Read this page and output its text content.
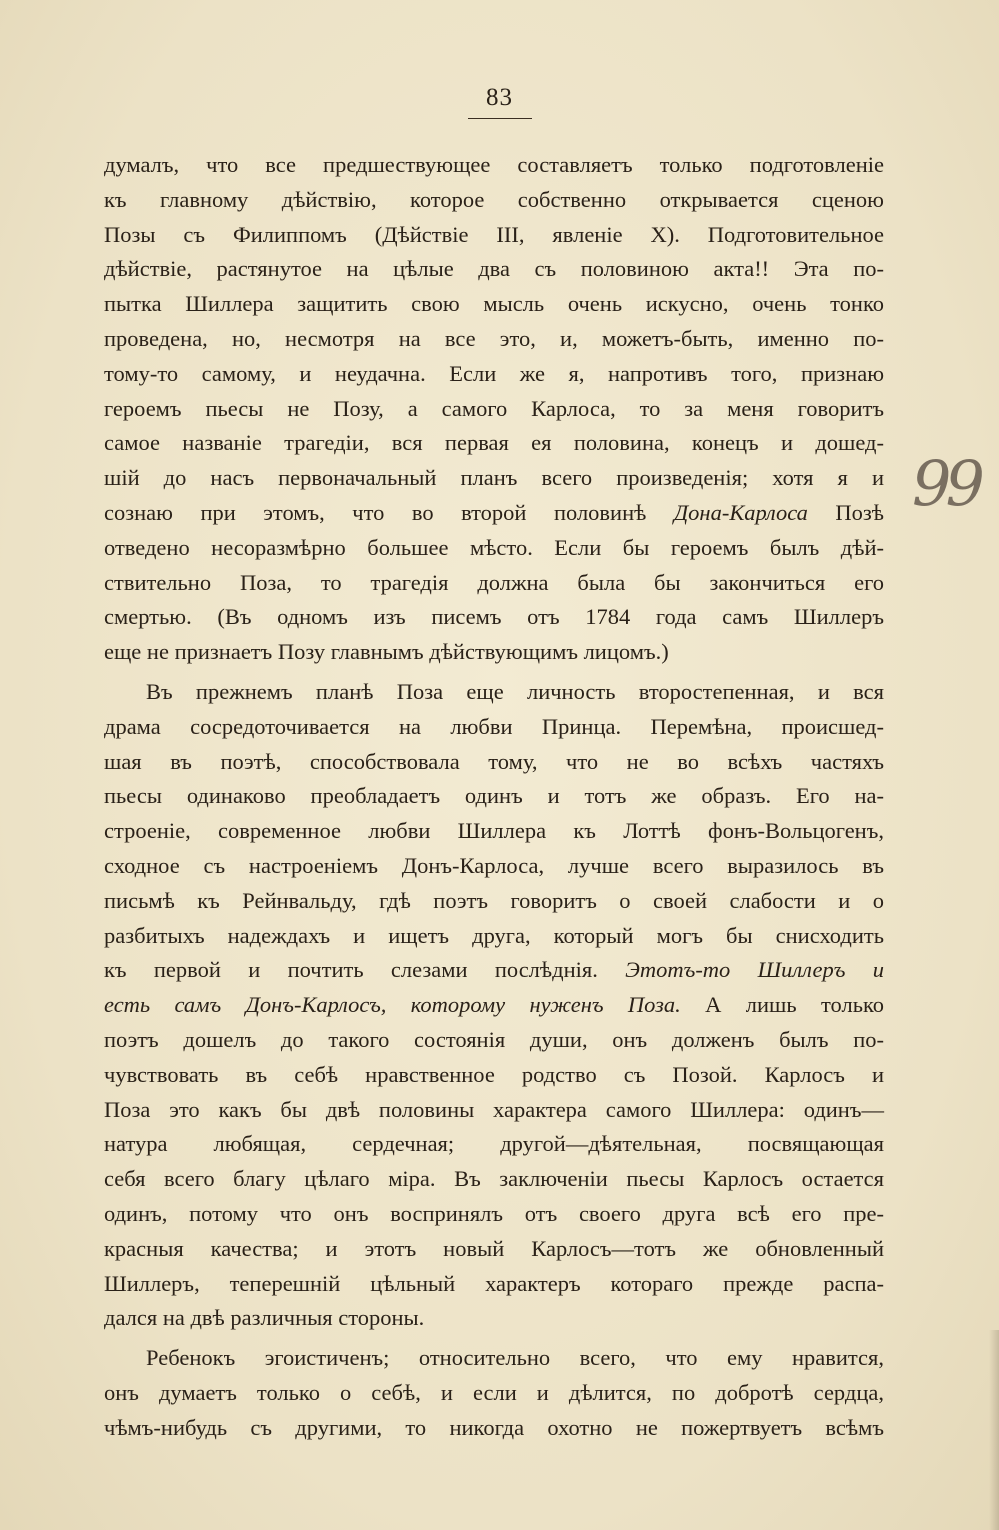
83
99
думалъ, что все предшествующее составляетъ только подготовленіе
къ главному дѣйствію, которое собственно открывается сценою
Позы съ Филиппомъ (Дѣйствіе III, явленіе X). Подготовительное
дѣйствіе, растянутое на цѣлые два съ половиною акта!! Эта по-
пытка Шиллера защитить свою мысль очень искусно, очень тонко
проведена, но, несмотря на все это, и, можетъ-быть, именно по-
тому-то самому, и неудачна. Если же я, напротивъ того, признаю
героемъ пьесы не Позу, а самого Карлоса, то за меня говоритъ
самое названіе трагедіи, вся первая ея половина, конецъ и дошед-
шій до насъ первоначальный планъ всего произведенія; хотя я и
сознаю при этомъ, что во второй половинѣ Дона-Карлоса Позѣ
отведено несоразмѣрно большее мѣсто. Если бы героемъ былъ дѣй-
ствительно Поза, то трагедія должна была бы закончиться его
смертью. (Въ одномъ изъ писемъ отъ 1784 года самъ Шиллеръ
еще не признаетъ Позу главнымъ дѣйствующимъ лицомъ.)
Въ прежнемъ планѣ Поза еще личность второстепенная, и вся
драма сосредоточивается на любви Принца. Перемѣна, происшед-
шая въ поэтѣ, способствовала тому, что не во всѣхъ частяхъ
пьесы одинаково преобладаетъ одинъ и тотъ же образъ. Его на-
строеніе, современное любви Шиллера къ Лоттѣ фонъ-Вольцогенъ,
сходное съ настроеніемъ Донъ-Карлоса, лучше всего выразилось въ
письмѣ къ Рейнвальду, гдѣ поэтъ говоритъ о своей слабости и о
разбитыхъ надеждахъ и ищетъ друга, который могъ бы снисходить
къ первой и почтить слезами послѣднія. Этотъ-то Шиллеръ и
есть самъ Донъ-Карлосъ, которому нуженъ Поза. А лишь только
поэтъ дошелъ до такого состоянія души, онъ долженъ былъ по-
чувствовать въ себѣ нравственное родство съ Позой. Карлосъ и
Поза это какъ бы двѣ половины характера самого Шиллера: одинъ—
натура любящая, сердечная; другой—дѣятельная, посвящающая
себя всего благу цѣлаго міра. Въ заключеніи пьесы Карлосъ остается
одинъ, потому что онъ воспринялъ отъ своего друга всѣ его пре-
красныя качества; и этотъ новый Карлосъ—тотъ же обновленный
Шиллеръ, теперешній цѣльный характеръ котораго прежде распа-
дался на двѣ различныя стороны.
Ребенокъ эгоистиченъ; относительно всего, что ему нравится,
онъ думаетъ только о себѣ, и если и дѣлится, по добротѣ сердца,
чѣмъ-нибудь съ другими, то никогда охотно не пожертвуетъ всѣмъ
